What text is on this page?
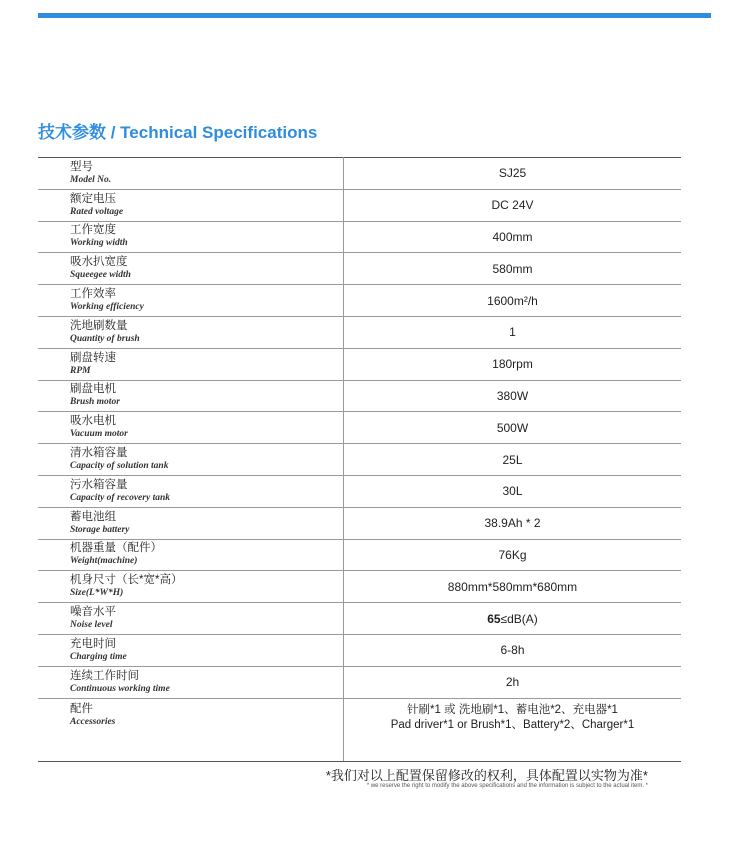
技术参数 / Technical Specifications
型号
Model No.	SJ25

额定电压
Rated voltage	DC 24V

工作宽度
Working width	400mm

吸水扒宽度
Squeegee width	580mm

工作效率
Working efficiency	1600m²/h

洗地刷数量
Quantity of brush	1

刷盘转速
RPM	180rpm

刷盘电机
Brush motor	380W

吸水电机
Vacuum motor	500W

清水箱容量
Capacity of solution tank	25L

污水箱容量
Capacity of recovery tank	30L

蓄电池组
Storage battery	38.9Ah * 2

机器重量（配件）
Weight(machine)	76Kg

机身尺寸（长*宽*高）
Size(L*W*H)	880mm*580mm*680mm

噪音水平
Noise level	65≤dB(A)

充电时间
Charging time	6-8h

连续工作时间
Continuous working time	2h

配件
Accessories	针刷*1 或 洗地刷*1、蓄电池*2、充电器*1
Pad driver*1 or Brush*1、Battery*2、Charger*1
*我们对以上配置保留修改的权利，具体配置以实物为准*
* we reserve the right to modify the above specifications and the information is subject to the actual item. *
